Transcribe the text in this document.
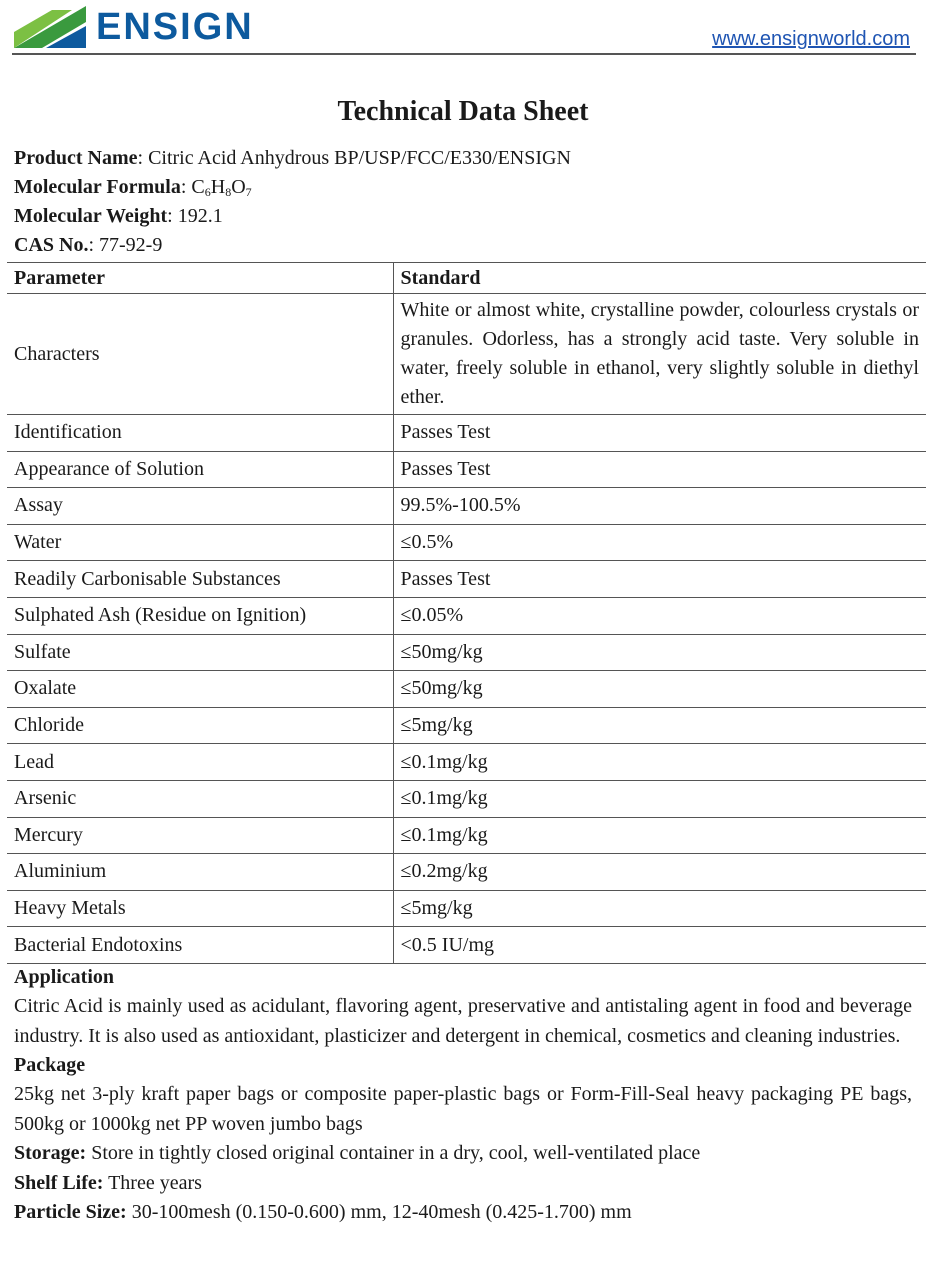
ENSIGN	www.ensignworld.com
Technical Data Sheet
Product Name: Citric Acid Anhydrous BP/USP/FCC/E330/ENSIGN
Molecular Formula: $C_6H_8O_7$
Molecular Weight: 192.1
CAS No.: 77-92-9
Parameter	Standard
Characters	White or almost white, crystalline powder, colourless crystals or granules. Odorless, has a strongly acid taste. Very soluble in water, freely soluble in ethanol, very slightly soluble in diethyl ether.
Identification	Passes Test
Appearance of Solution	Passes Test
Assay	99.5%-100.5%
Water	≤0.5%
Readily Carbonisable Substances	Passes Test
Sulphated Ash (Residue on Ignition)	≤0.05%
Sulfate	≤50mg/kg
Oxalate	≤50mg/kg
Chloride	≤5mg/kg
Lead	≤0.1mg/kg
Arsenic	≤0.1mg/kg
Mercury	≤0.1mg/kg
Aluminium	≤0.2mg/kg
Heavy Metals	≤5mg/kg
Bacterial Endotoxins	<0.5 IU/mg
Application
Citric Acid is mainly used as acidulant, flavoring agent, preservative and antistaling agent in food and beverage industry. It is also used as antioxidant, plasticizer and detergent in chemical, cosmetics and cleaning industries.
Package
25kg net 3-ply kraft paper bags or composite paper-plastic bags or Form-Fill-Seal heavy packaging PE bags, 500kg or 1000kg net PP woven jumbo bags
Storage: Store in tightly closed original container in a dry, cool, well-ventilated place
Shelf Life: Three years
Particle Size: 30-100mesh (0.150-0.600) mm, 12-40mesh (0.425-1.700) mm
